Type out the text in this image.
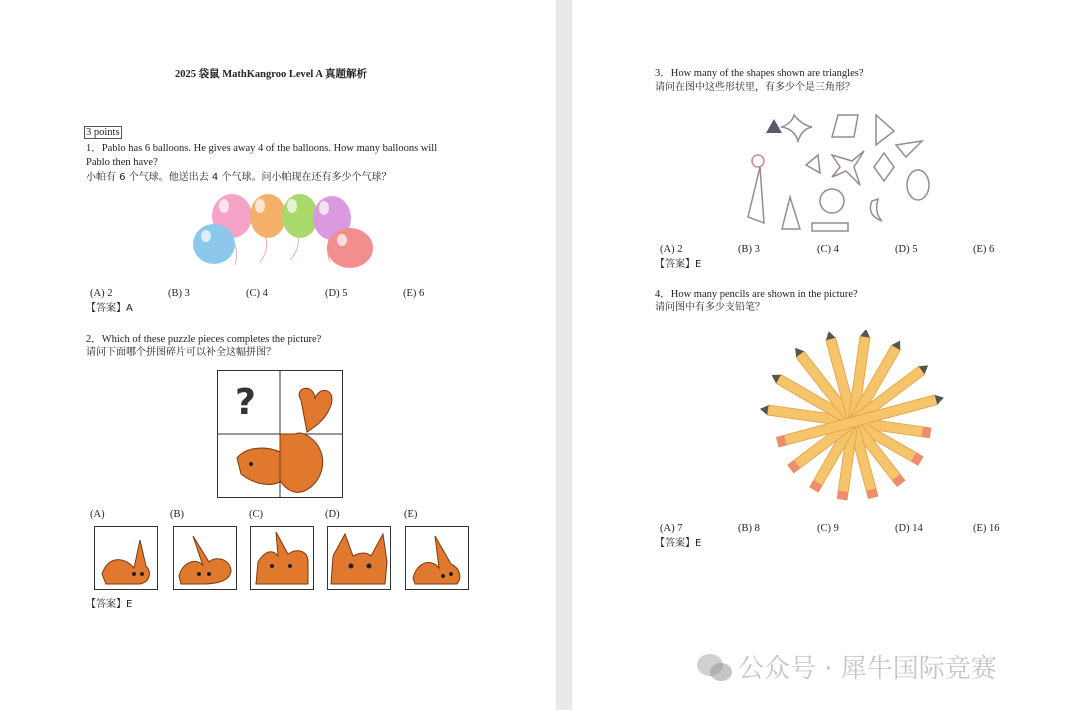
2025 袋鼠 MathKangroo Level A 真题解析
3 points
1．Pablo has 6 balloons. He gives away 4 of the balloons. How many balloons will
Pablo then have?
小帕有 6 个气球。他送出去 4 个气球。问小帕现在还有多少个气球？
(A) 2	(B) 3	(C) 4	(D) 5	(E) 6
【答案】A
2．Which of these puzzle pieces completes the picture?
请问下面哪个拼图碎片可以补全这幅拼图？
?
(A)	(B)	(C)	(D)	(E)
【答案】E
3．How many of the shapes shown are triangles?
请问在图中这些形状里，有多少个是三角形？
(A) 2	(B) 3	(C) 4	(D) 5	(E) 6
【答案】E
4．How many pencils are shown in the picture?
请问图中有多少支铅笔？
(A) 7	(B) 8	(C) 9	(D) 14	(E) 16
【答案】E
公众号 · 犀牛国际竞赛
